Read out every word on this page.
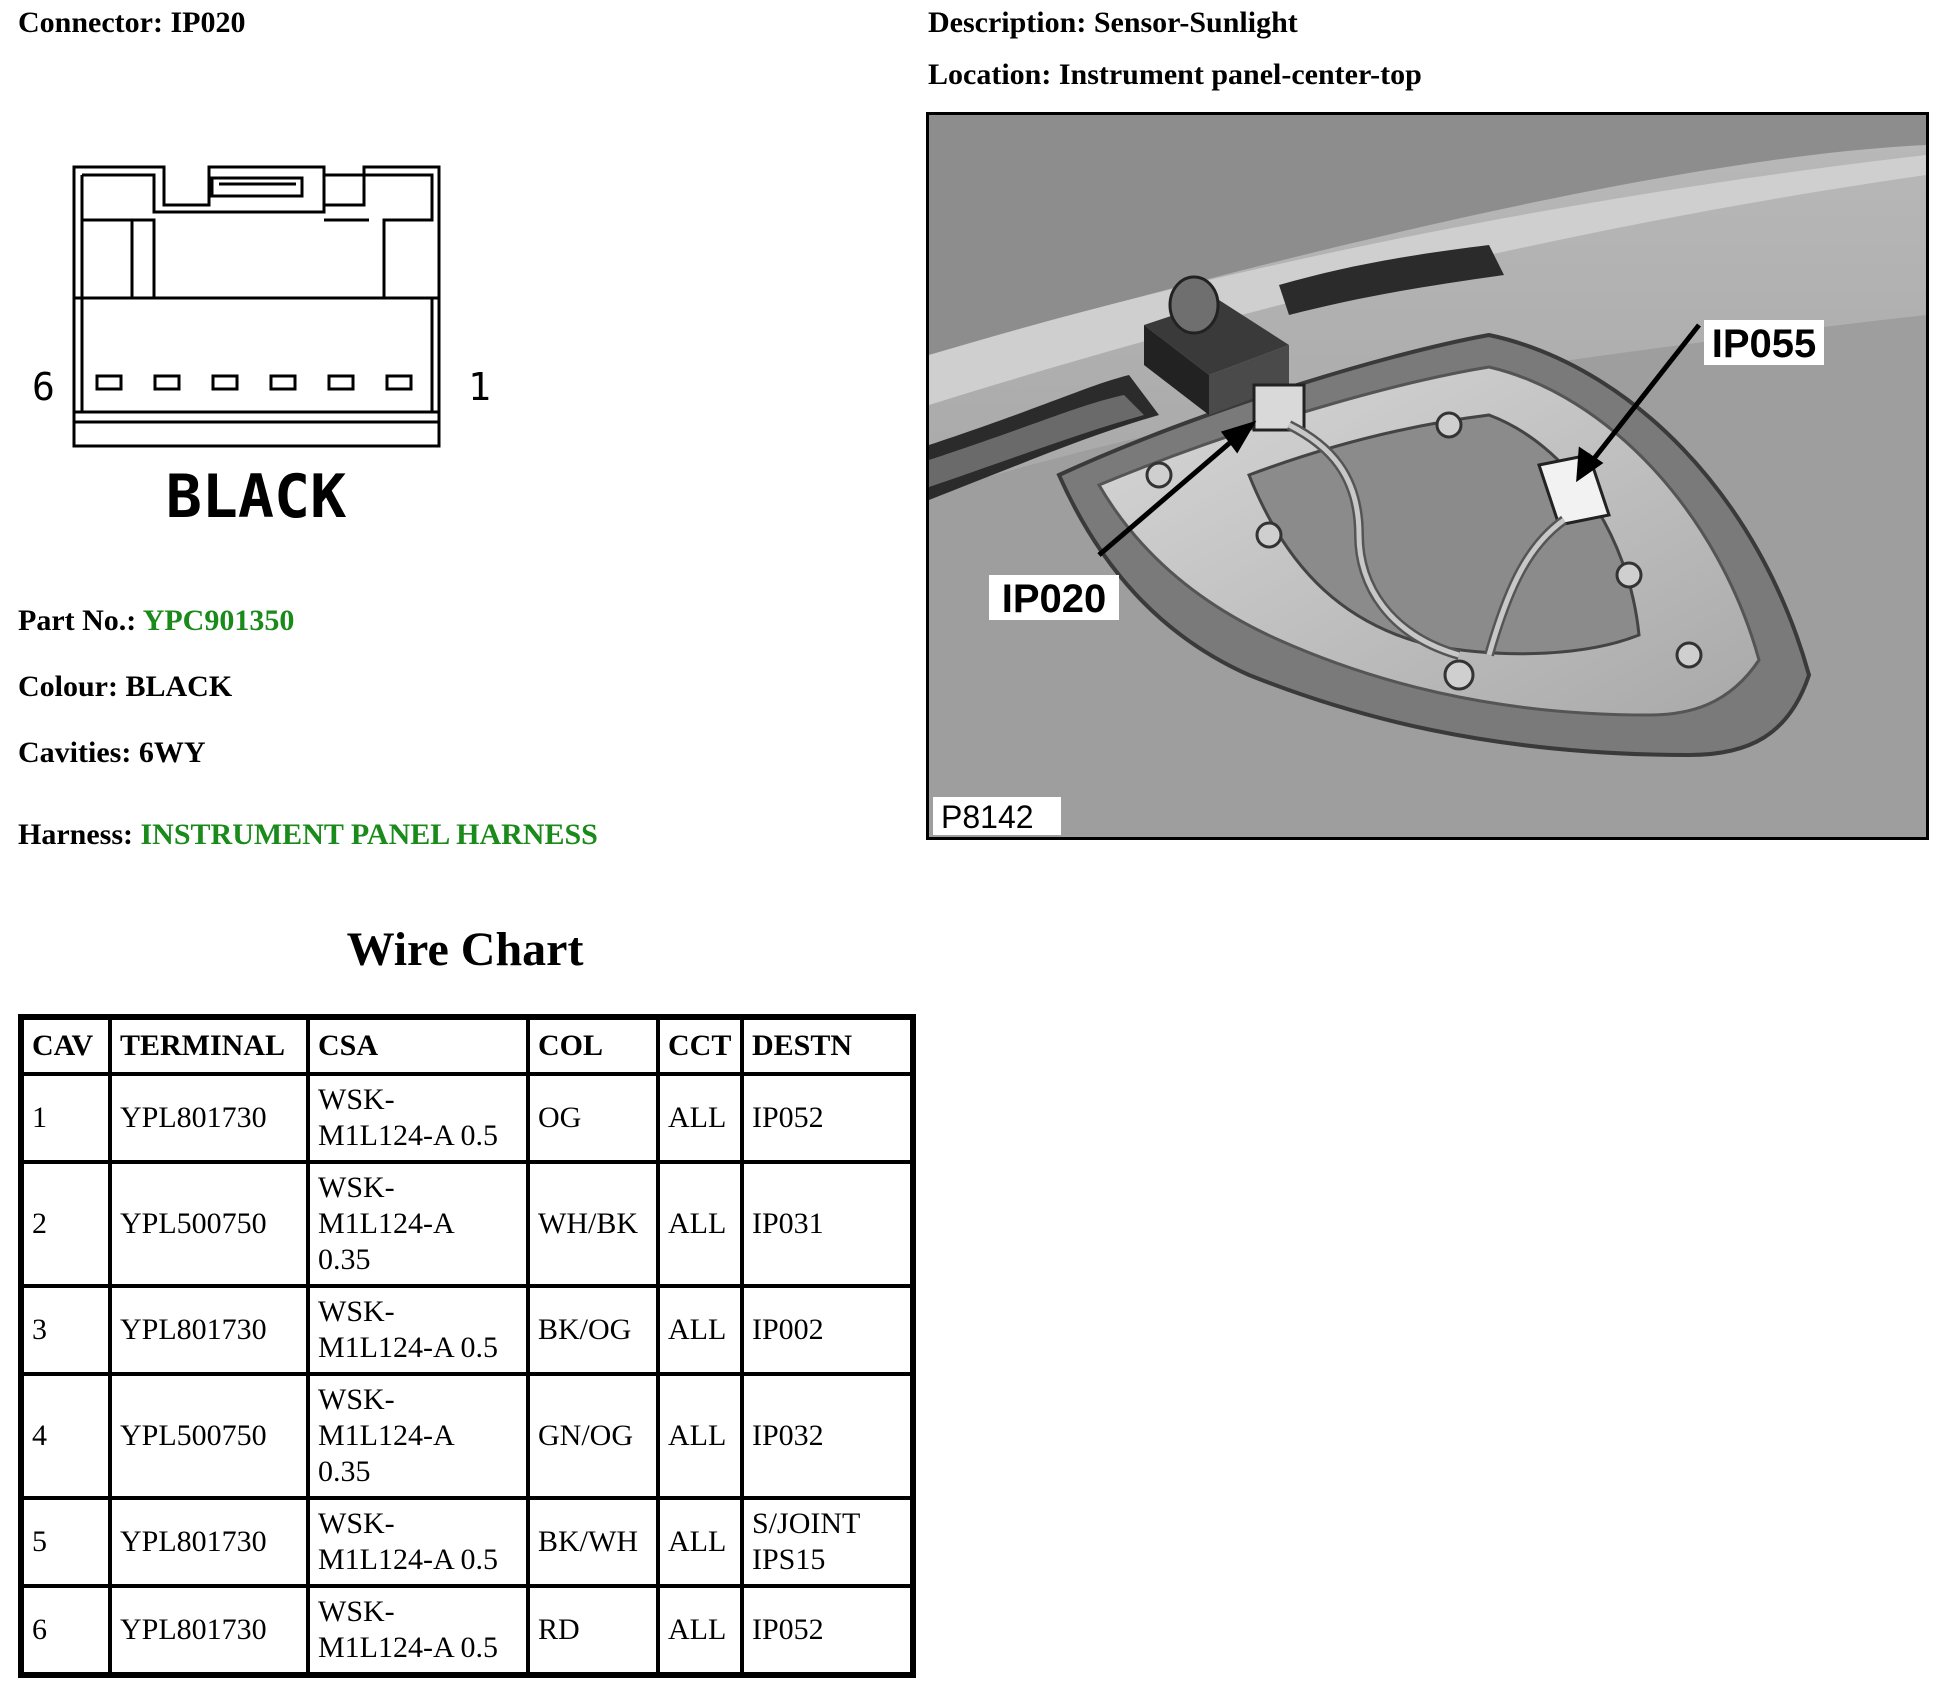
Connector: IP020	Description: Sensor-Sunlight
Location: Instrument panel-center-top
6	1
BLACK
Part No.: YPC901350
Colour: BLACK
Cavities: 6WY
Harness: INSTRUMENT PANEL HARNESS
IP055
IP020
P8142
Wire Chart
CAV	TERMINAL	CSA	COL	CCT	DESTN
1	YPL801730	WSK-
M1L124-A 0.5	OG	ALL	IP052
2	YPL500750	WSK-
M1L124-A
0.35	WH/BK	ALL	IP031
3	YPL801730	WSK-
M1L124-A 0.5	BK/OG	ALL	IP002
4	YPL500750	WSK-
M1L124-A
0.35	GN/OG	ALL	IP032
5	YPL801730	WSK-
M1L124-A 0.5	BK/WH	ALL	S/JOINT
IPS15
6	YPL801730	WSK-
M1L124-A 0.5	RD	ALL	IP052
